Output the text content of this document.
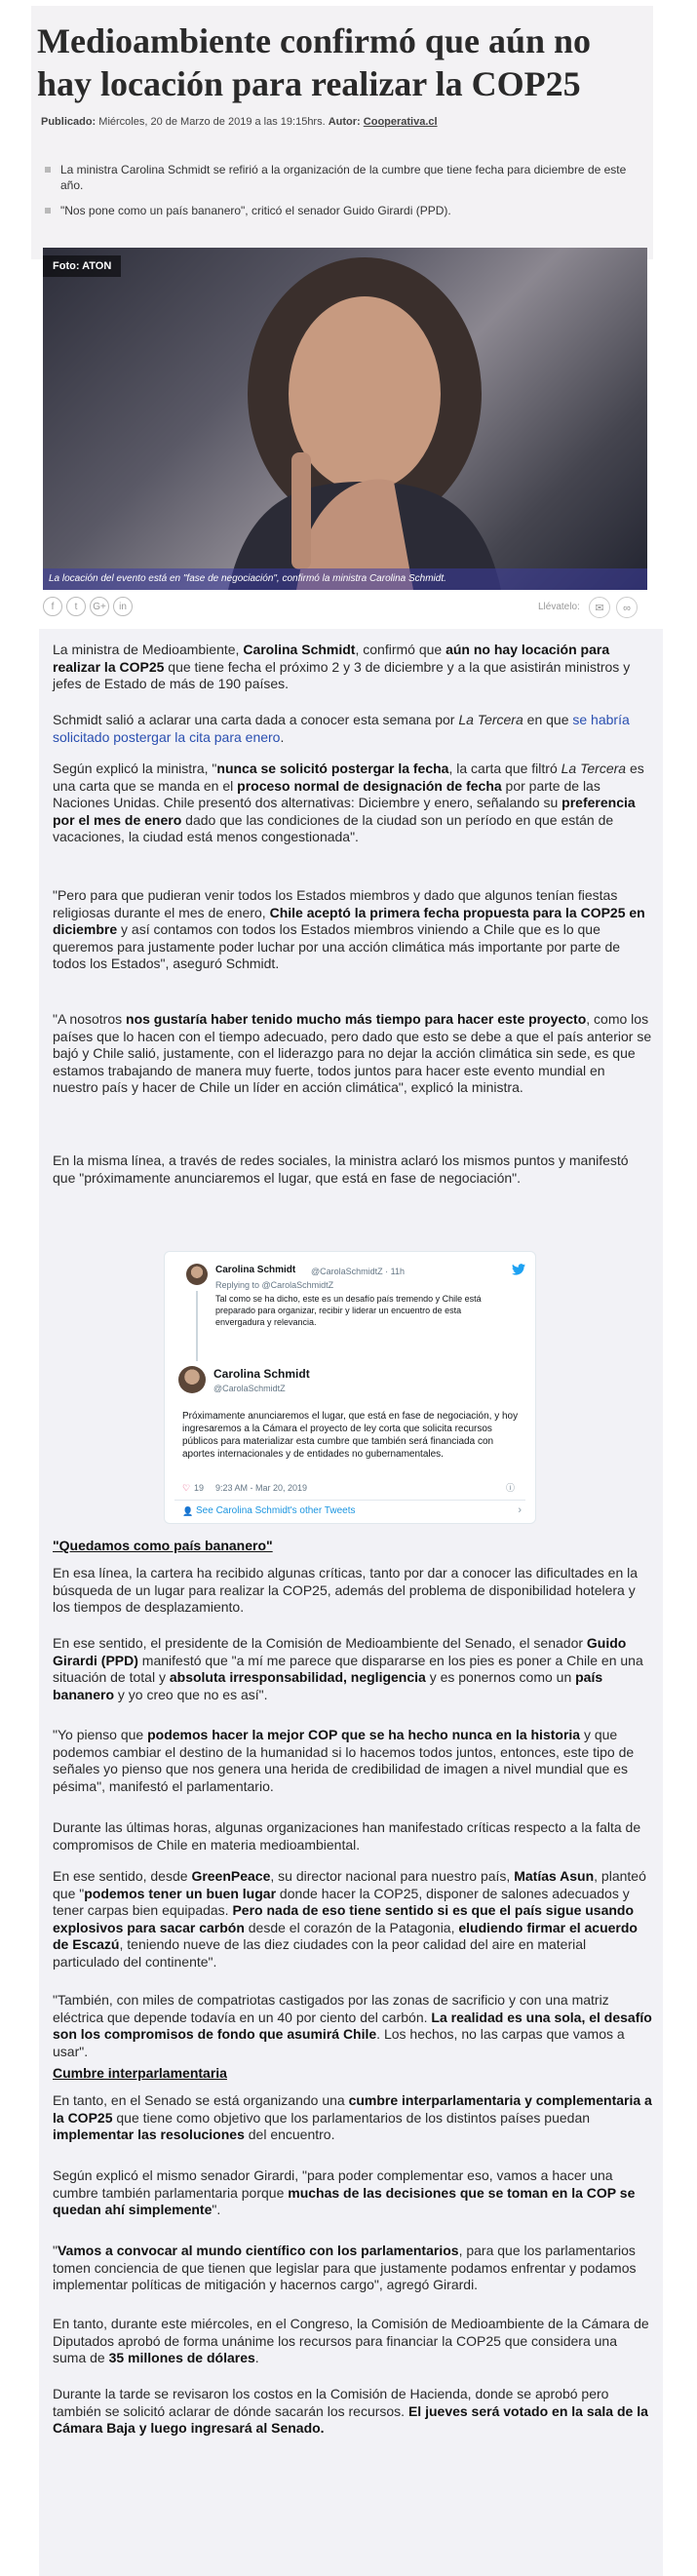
Medioambiente confirmó que aún no hay locación para realizar la COP25
Publicado: Miércoles, 20 de Marzo de 2019 a las 19:15hrs. Autor: Cooperativa.cl
La ministra Carolina Schmidt se refirió a la organización de la cumbre que tiene fecha para diciembre de este año.
"Nos pone como un país bananero", criticó el senador Guido Girardi (PPD).
Foto: ATON
La locación del evento está en "fase de negociación", confirmó la ministra Carolina Schmidt.
f	t	G+	in	Llévatelo:	✉	∞

La ministra de Medioambiente, Carolina Schmidt, confirmó que aún no hay locación para realizar la COP25 que tiene fecha el próximo 2 y 3 de diciembre y a la que asistirán ministros y jefes de Estado de más de 190 países.

Schmidt salió a aclarar una carta dada a conocer esta semana por La Tercera en que se habría solicitado postergar la cita para enero.

Según explicó la ministra, "nunca se solicitó postergar la fecha, la carta que filtró La Tercera es una carta que se manda en el proceso normal de designación de fecha por parte de las Naciones Unidas. Chile presentó dos alternativas: Diciembre y enero, señalando su preferencia por el mes de enero dado que las condiciones de la ciudad son un período en que están de vacaciones, la ciudad está menos congestionada".

"Pero para que pudieran venir todos los Estados miembros y dado que algunos tenían fiestas religiosas durante el mes de enero, Chile aceptó la primera fecha propuesta para la COP25 en diciembre y así contamos con todos los Estados miembros viniendo a Chile que es lo que queremos para justamente poder luchar por una acción climática más importante por parte de todos los Estados", aseguró Schmidt.

"A nosotros nos gustaría haber tenido mucho más tiempo para hacer este proyecto, como los países que lo hacen con el tiempo adecuado, pero dado que esto se debe a que el país anterior se bajó y Chile salió, justamente, con el liderazgo para no dejar la acción climática sin sede, es que estamos trabajando de manera muy fuerte, todos juntos para hacer este evento mundial en nuestro país y hacer de Chile un líder en acción climática", explicó la ministra.

En la misma línea, a través de redes sociales, la ministra aclaró los mismos puntos y manifestó que "próximamente anunciaremos el lugar, que está en fase de negociación".

Carolina Schmidt @CarolaSchmidtZ · 11h
Replying to @CarolaSchmidtZ
Tal como se ha dicho, este es un desafío país tremendo y Chile está preparado para organizar, recibir y liderar un encuentro de esta envergadura y relevancia.
Carolina Schmidt
@CarolaSchmidtZ
Próximamente anunciaremos el lugar, que está en fase de negociación, y hoy ingresaremos a la Cámara el proyecto de ley corta que solicita recursos públicos para materializar esta cumbre que también será financiada con aportes internacionales y de entidades no gubernamentales.
♡ 19 9:23 AM - Mar 20, 2019	ⓘ
👤 See Carolina Schmidt's other Tweets	›

"Quedamos como país bananero"

En esa línea, la cartera ha recibido algunas críticas, tanto por dar a conocer las dificultades en la búsqueda de un lugar para realizar la COP25, además del problema de disponibilidad hotelera y los tiempos de desplazamiento.

En ese sentido, el presidente de la Comisión de Medioambiente del Senado, el senador Guido Girardi (PPD) manifestó que "a mí me parece que dispararse en los pies es poner a Chile en una situación de total y absoluta irresponsabilidad, negligencia y es ponernos como un país bananero y yo creo que no es así".

"Yo pienso que podemos hacer la mejor COP que se ha hecho nunca en la historia y que podemos cambiar el destino de la humanidad si lo hacemos todos juntos, entonces, este tipo de señales yo pienso que nos genera una herida de credibilidad de imagen a nivel mundial que es pésima", manifestó el parlamentario.

Durante las últimas horas, algunas organizaciones han manifestado críticas respecto a la falta de compromisos de Chile en materia medioambiental.

En ese sentido, desde GreenPeace, su director nacional para nuestro país, Matías Asun, planteó que "podemos tener un buen lugar donde hacer la COP25, disponer de salones adecuados y tener carpas bien equipadas. Pero nada de eso tiene sentido si es que el país sigue usando explosivos para sacar carbón desde el corazón de la Patagonia, eludiendo firmar el acuerdo de Escazú, teniendo nueve de las diez ciudades con la peor calidad del aire en material particulado del continente".

"También, con miles de compatriotas castigados por las zonas de sacrificio y con una matriz eléctrica que depende todavía en un 40 por ciento del carbón. La realidad es una sola, el desafío son los compromisos de fondo que asumirá Chile. Los hechos, no las carpas que vamos a usar".

Cumbre interparlamentaria

En tanto, en el Senado se está organizando una cumbre interparlamentaria y complementaria a la COP25 que tiene como objetivo que los parlamentarios de los distintos países puedan implementar las resoluciones del encuentro.

Según explicó el mismo senador Girardi, "para poder complementar eso, vamos a hacer una cumbre también parlamentaria porque muchas de las decisiones que se toman en la COP se quedan ahí simplemente".

"Vamos a convocar al mundo científico con los parlamentarios, para que los parlamentarios tomen conciencia de que tienen que legislar para que justamente podamos enfrentar y podamos implementar políticas de mitigación y hacernos cargo", agregó Girardi.

En tanto, durante este miércoles, en el Congreso, la Comisión de Medioambiente de la Cámara de Diputados aprobó de forma unánime los recursos para financiar la COP25 que considera una suma de 35 millones de dólares.

Durante la tarde se revisaron los costos en la Comisión de Hacienda, donde se aprobó pero también se solicitó aclarar de dónde sacarán los recursos. El jueves será votado en la sala de la Cámara Baja y luego ingresará al Senado.
